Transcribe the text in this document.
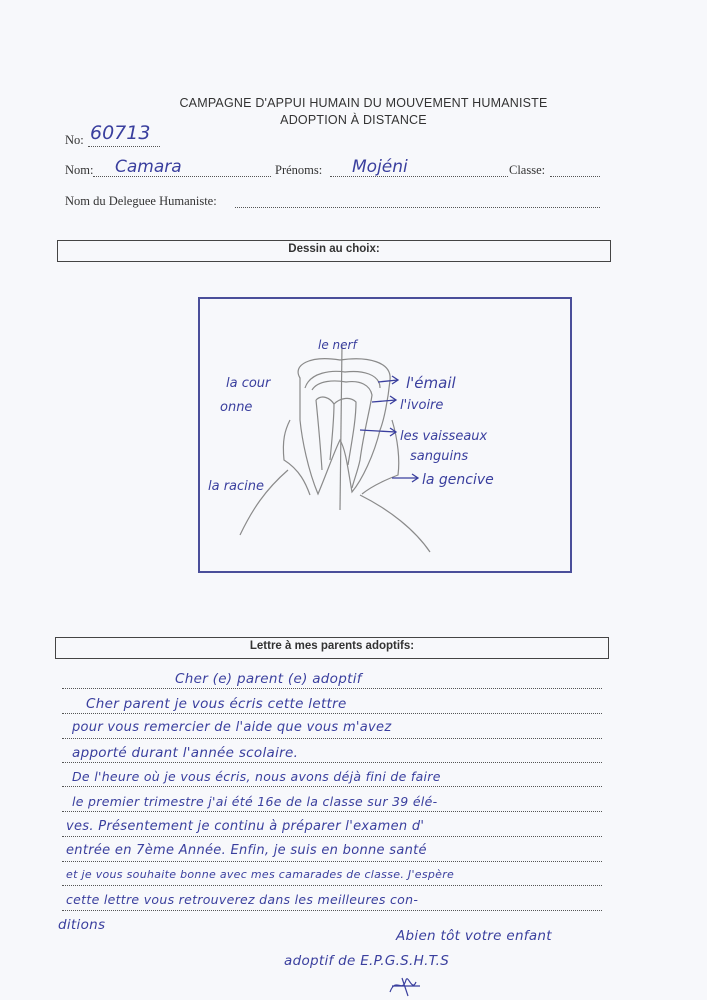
CAMPAGNE D'APPUI HUMAIN DU MOUVEMENT HUMANISTE
ADOPTION À DISTANCE
No: 60713
Nom: Camara	Prénoms: Mojéni	Classe:
Nom du Deleguee Humaniste:
Dessin au choix:
le nerf
la cour
onne
l'émail
l'ivoire
les vaisseaux
sanguins
la racine	la gencive
Lettre à mes parents adoptifs:
Cher (e) parent (e) adoptif
Cher parent je vous écris cette lettre
pour vous remercier de l'aide que vous m'avez
apporté durant l'année scolaire.
De l'heure où je vous écris, nous avons déjà fini de faire
le premier trimestre j'ai été 16e de la classe sur 39 élé-
ves. Présentement je continu à préparer l'examen d'
entrée en 7ème Année. Enfin, je suis en bonne santé
et je vous souhaite bonne avec mes camarades de classe. J'espère
cette lettre vous retrouverez dans les meilleures con-
ditions
Abien tôt votre enfant
adoptif de E.P.G.S.H.T.S
